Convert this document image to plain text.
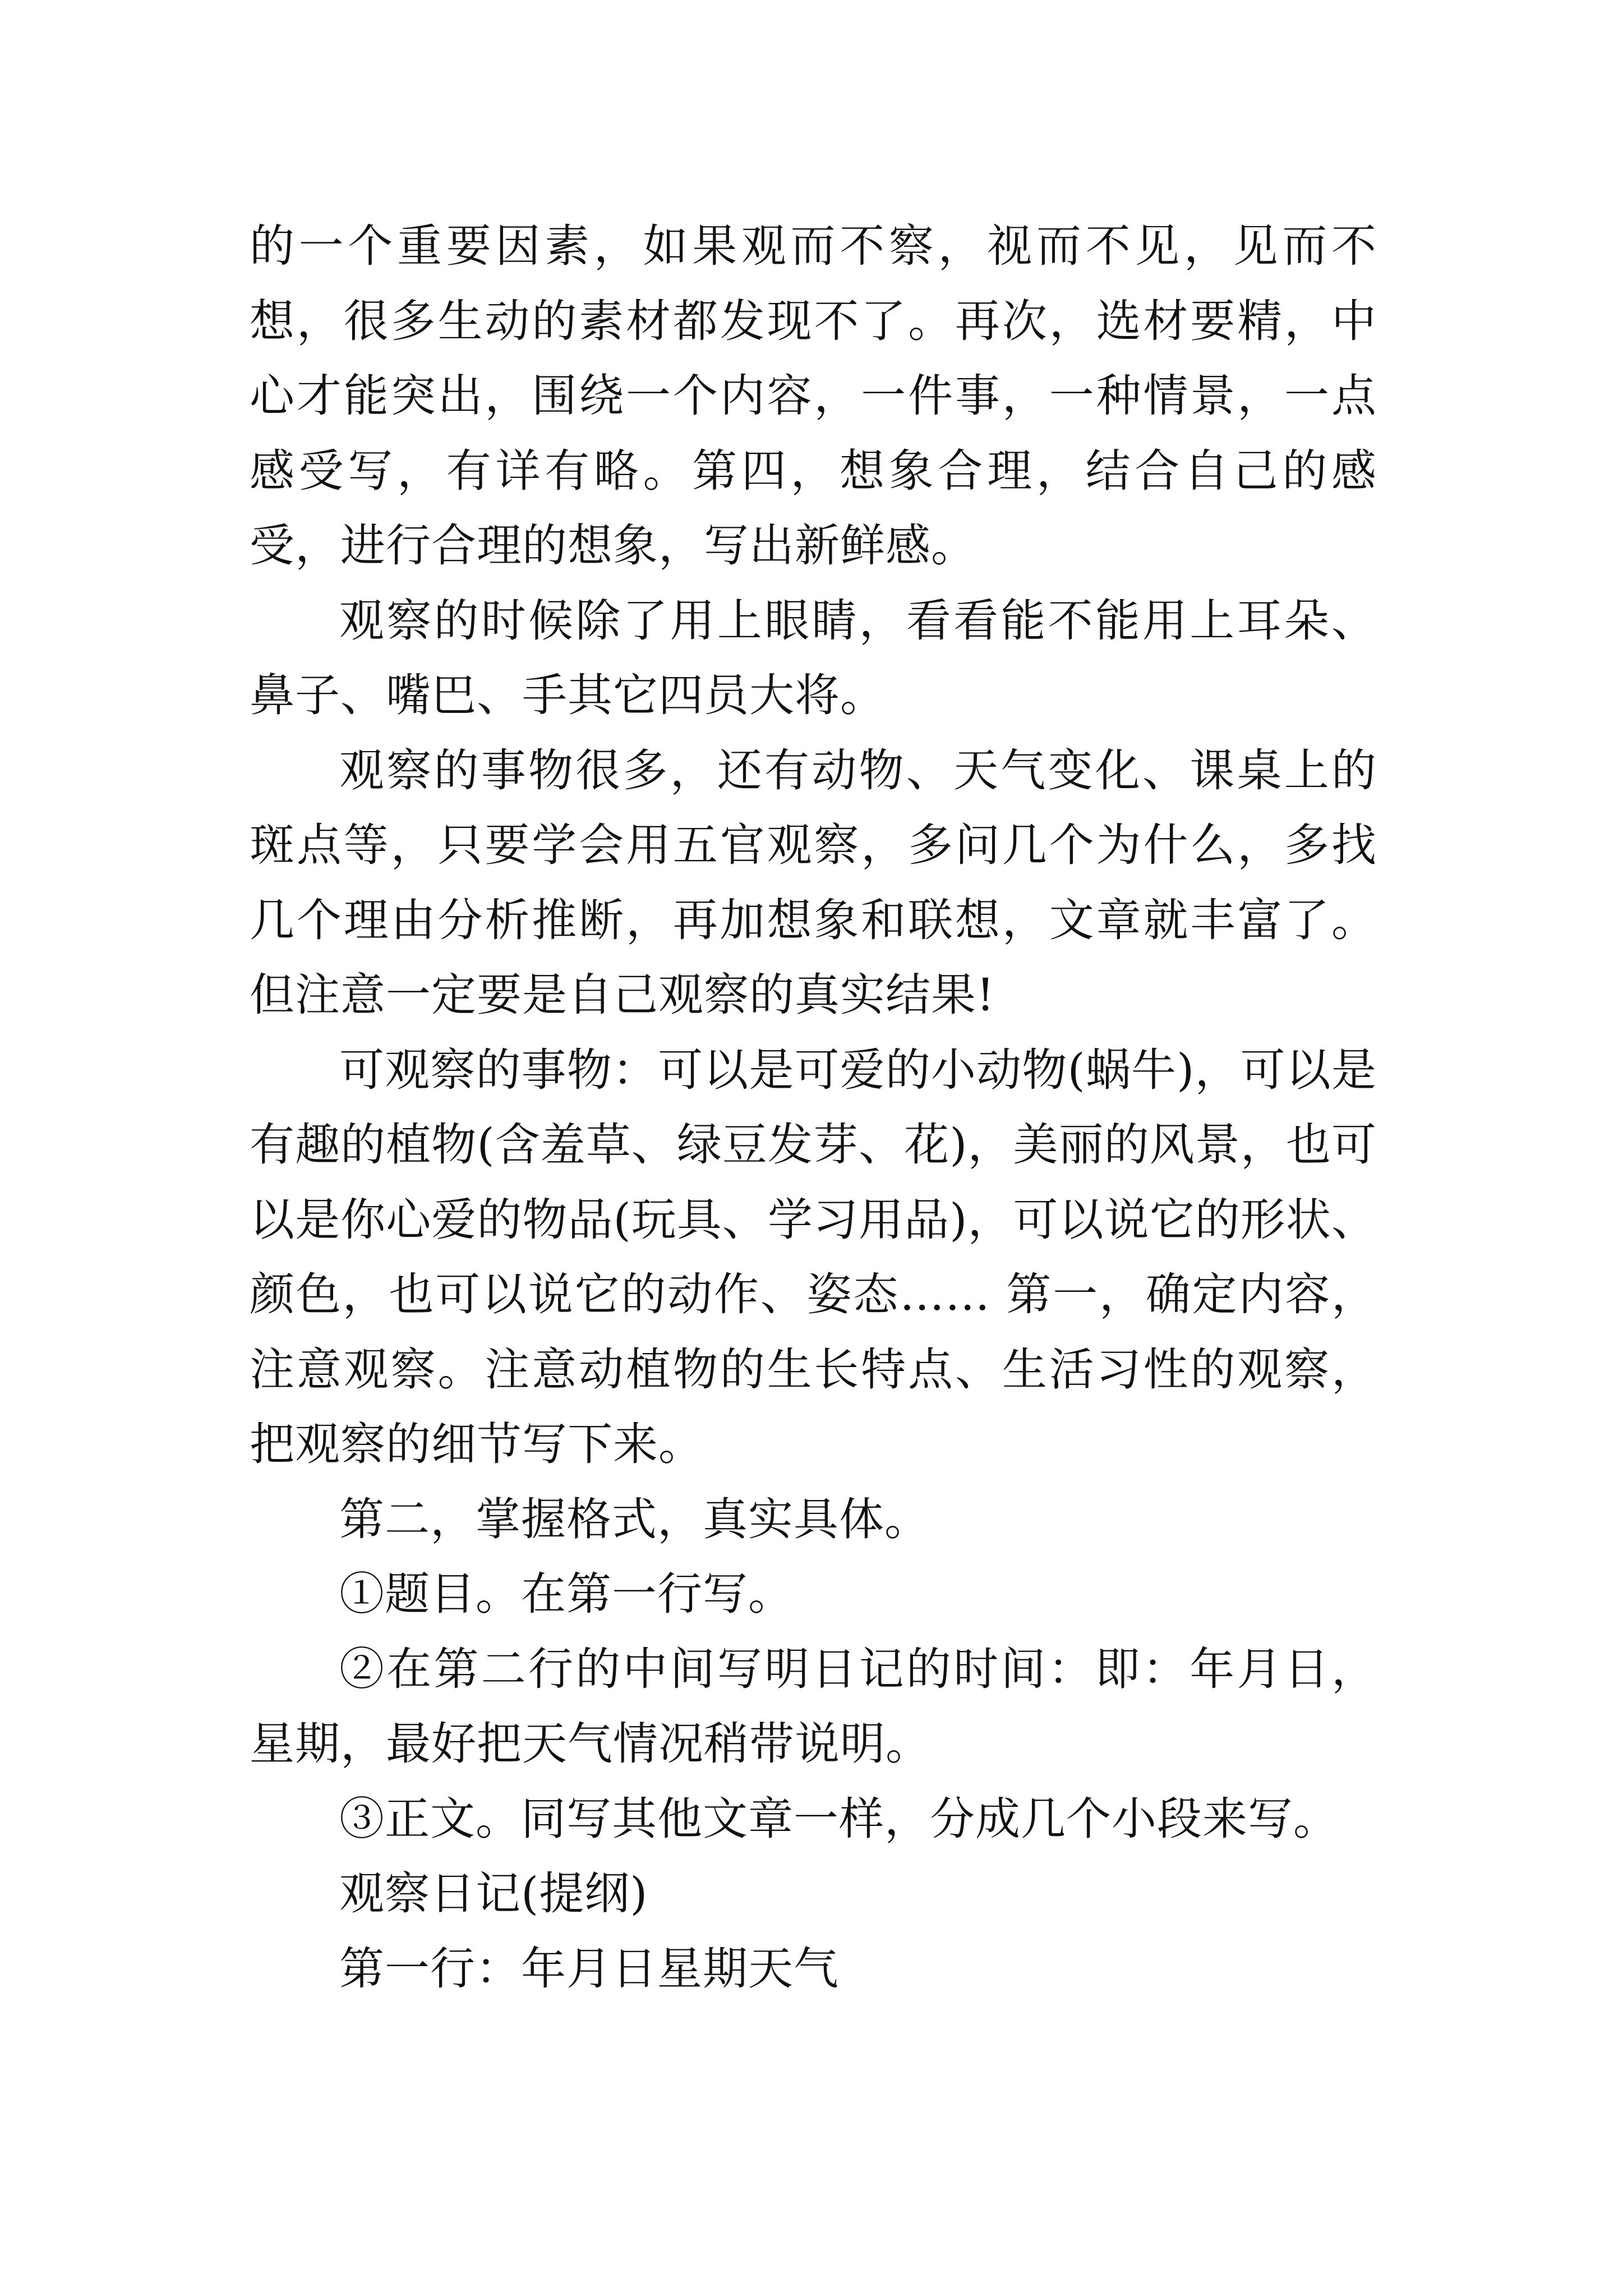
的一个重要因素，如果观而不察，视而不见，见而不想，很多生动的素材都发现不了。再次，选材要精，中心才能突出，围绕一个内容，一件事，一种情景，一点感受写，有详有略。第四，想象合理，结合自己的感受，进行合理的想象，写出新鲜感。

观察的时候除了用上眼睛，看看能不能用上耳朵、鼻子、嘴巴、手其它四员大将。

观察的事物很多，还有动物、天气变化、课桌上的斑点等，只要学会用五官观察，多问几个为什么，多找几个理由分析推断，再加想象和联想，文章就丰富了。但注意一定要是自己观察的真实结果!

可观察的事物：可以是可爱的小动物(蜗牛)，可以是有趣的植物(含羞草、绿豆发芽、花)，美丽的风景，也可以是你心爱的物品(玩具、学习用品)，可以说它的形状、颜色，也可以说它的动作、姿态…… 第一，确定内容，注意观察。注意动植物的生长特点、生活习性的观察，把观察的细节写下来。

第二，掌握格式，真实具体。

①题目。在第一行写。

②在第二行的中间写明日记的时间：即：年月日，星期，最好把天气情况稍带说明。

③正文。同写其他文章一样，分成几个小段来写。

观察日记(提纲)

第一行：年月日星期天气
